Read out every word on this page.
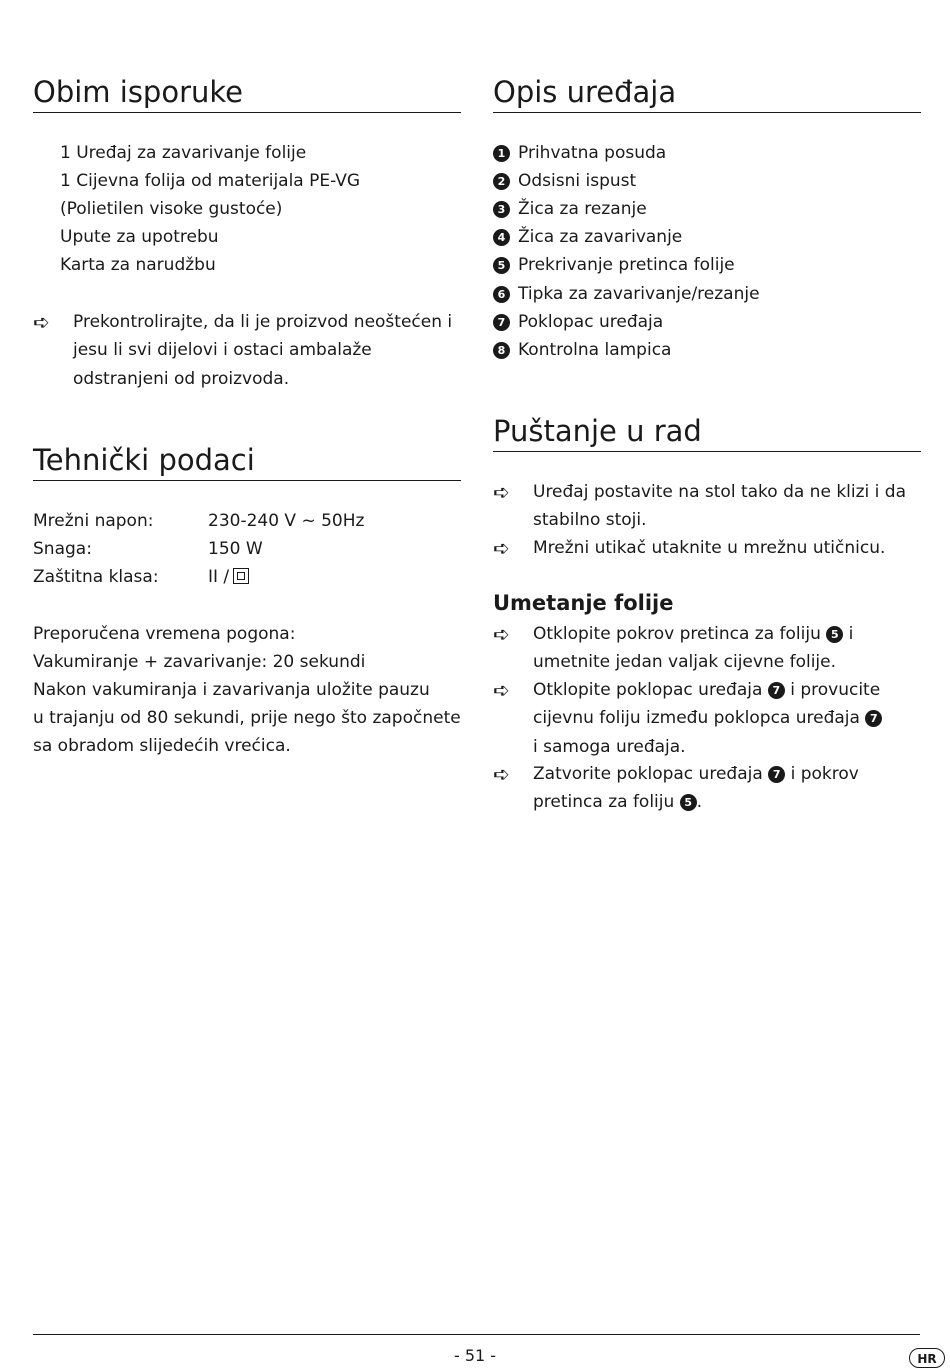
Obim isporuke
1 Uređaj za zavarivanje folije
1 Cijevna folija od materijala PE-VG
(Polietilen visoke gustoće)
Upute za upotrebu
Karta za narudžbu
➪	Prekontrolirajte, da li je proizvod neoštećen i jesu li svi dijelovi i ostaci ambalaže odstranjeni od proizvoda.
Tehnički podaci
Mrežni napon:	230-240 V ~ 50Hz
Snaga:	150 W
Zaštitna klasa:	II /
Preporučena vremena pogona:
Vakumiranje + zavarivanje: 20 sekundi
Nakon vakumiranja i zavarivanja uložite pauzu
u trajanju od 80 sekundi, prije nego što započnete
sa obradom slijedećih vrećica.
Opis uređaja
1 Prihvatna posuda
2 Odsisni ispust
3 Žica za rezanje
4 Žica za zavarivanje
5 Prekrivanje pretinca folije
6 Tipka za zavarivanje/rezanje
7 Poklopac uređaja
8 Kontrolna lampica
Puštanje u rad
➪	Uređaj postavite na stol tako da ne klizi i da stabilno stoji.
➪	Mrežni utikač utaknite u mrežnu utičnicu.
Umetanje folije
➪	Otklopite pokrov pretinca za foliju 5 i umetnite jedan valjak cijevne folije.
➪	Otklopite poklopac uređaja 7 i provucite cijevnu foliju između poklopca uređaja 7
i samoga uređaja.
➪	Zatvorite poklopac uređaja 7 i pokrov pretinca za foliju 5 .
- 51 -	HR
